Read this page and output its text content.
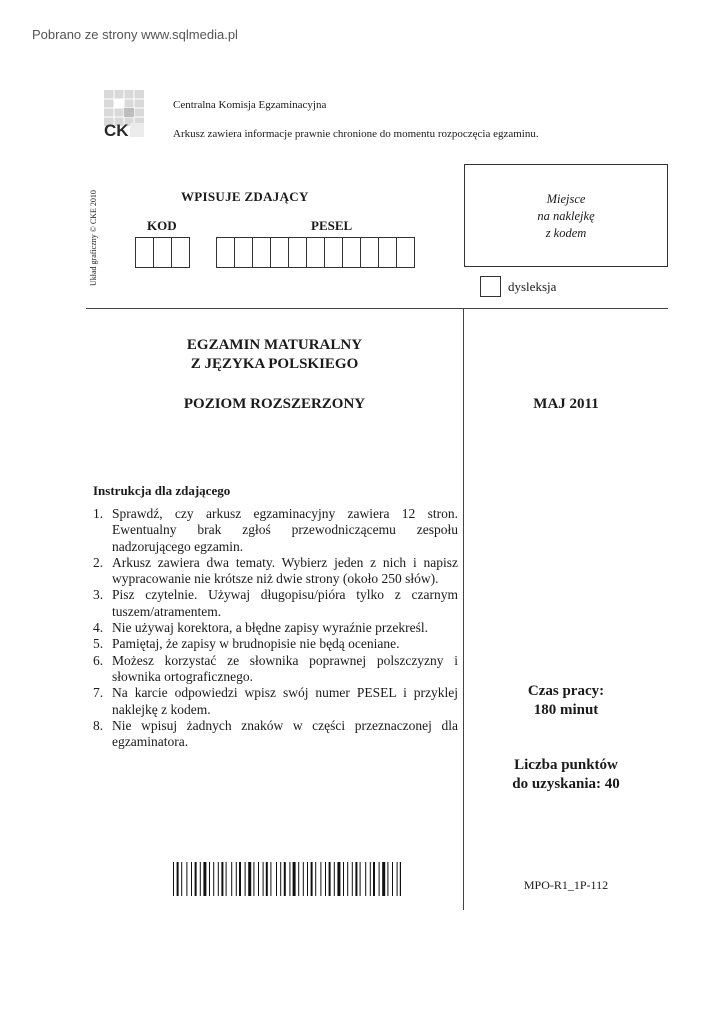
Pobrano ze strony www.sqlmedia.pl
CK
Centralna Komisja Egzaminacyjna
Arkusz zawiera informacje prawnie chronione do momentu rozpoczęcia egzaminu.
Układ graficzny © CKE 2010	WPISUJE ZDAJĄCY
KOD	PESEL
Miejsce
na naklejkę
z kodem
dysleksja
EGZAMIN MATURALNY
Z JĘZYKA POLSKIEGO
POZIOM ROZSZERZONY	MAJ 2011
Instrukcja dla zdającego
1. Sprawdź, czy arkusz egzaminacyjny zawiera 12 stron. Ewentualny brak zgłoś przewodniczącemu zespołu nadzorującego egzamin.
2. Arkusz zawiera dwa tematy. Wybierz jeden z nich i napisz wypracowanie nie krótsze niż dwie strony (około 250 słów).
3. Pisz czytelnie. Używaj długopisu/pióra tylko z czarnym tuszem/atramentem.
4. Nie używaj korektora, a błędne zapisy wyraźnie przekreśl.
5. Pamiętaj, że zapisy w brudnopisie nie będą oceniane.
6. Możesz korzystać ze słownika poprawnej polszczyzny i słownika ortograficznego.
7. Na karcie odpowiedzi wpisz swój numer PESEL i przyklej naklejkę z kodem.
8. Nie wpisuj żadnych znaków w części przeznaczonej dla egzaminatora.
Czas pracy:
180 minut
Liczba punktów
do uzyskania: 40
MPO-R1_1P-112
